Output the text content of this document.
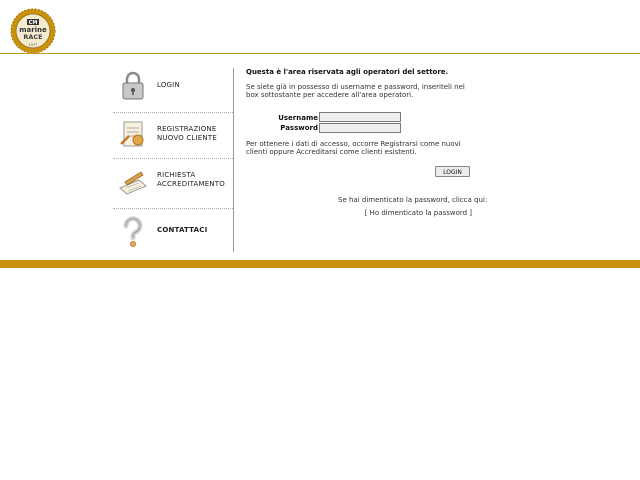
CM
marine
RACE
1977
LOGIN
REGISTRAZIONE
NUOVO CLIENTE
RICHIESTA
ACCREDITAMENTO
CONTATTACI
Questa è l'area riservata agli operatori del settore.
Se siete già in possesso di username e password, inseriteli nel box sottostante per accedere all'area operatori.
Username
Password
Per ottenere i dati di accesso, occorre Registrarsi come nuovi clienti oppure Accreditarsi come clienti esistenti.
LOGIN
Se hai dimenticato la password, clicca qui:
[ Ho dimenticato la password ]
